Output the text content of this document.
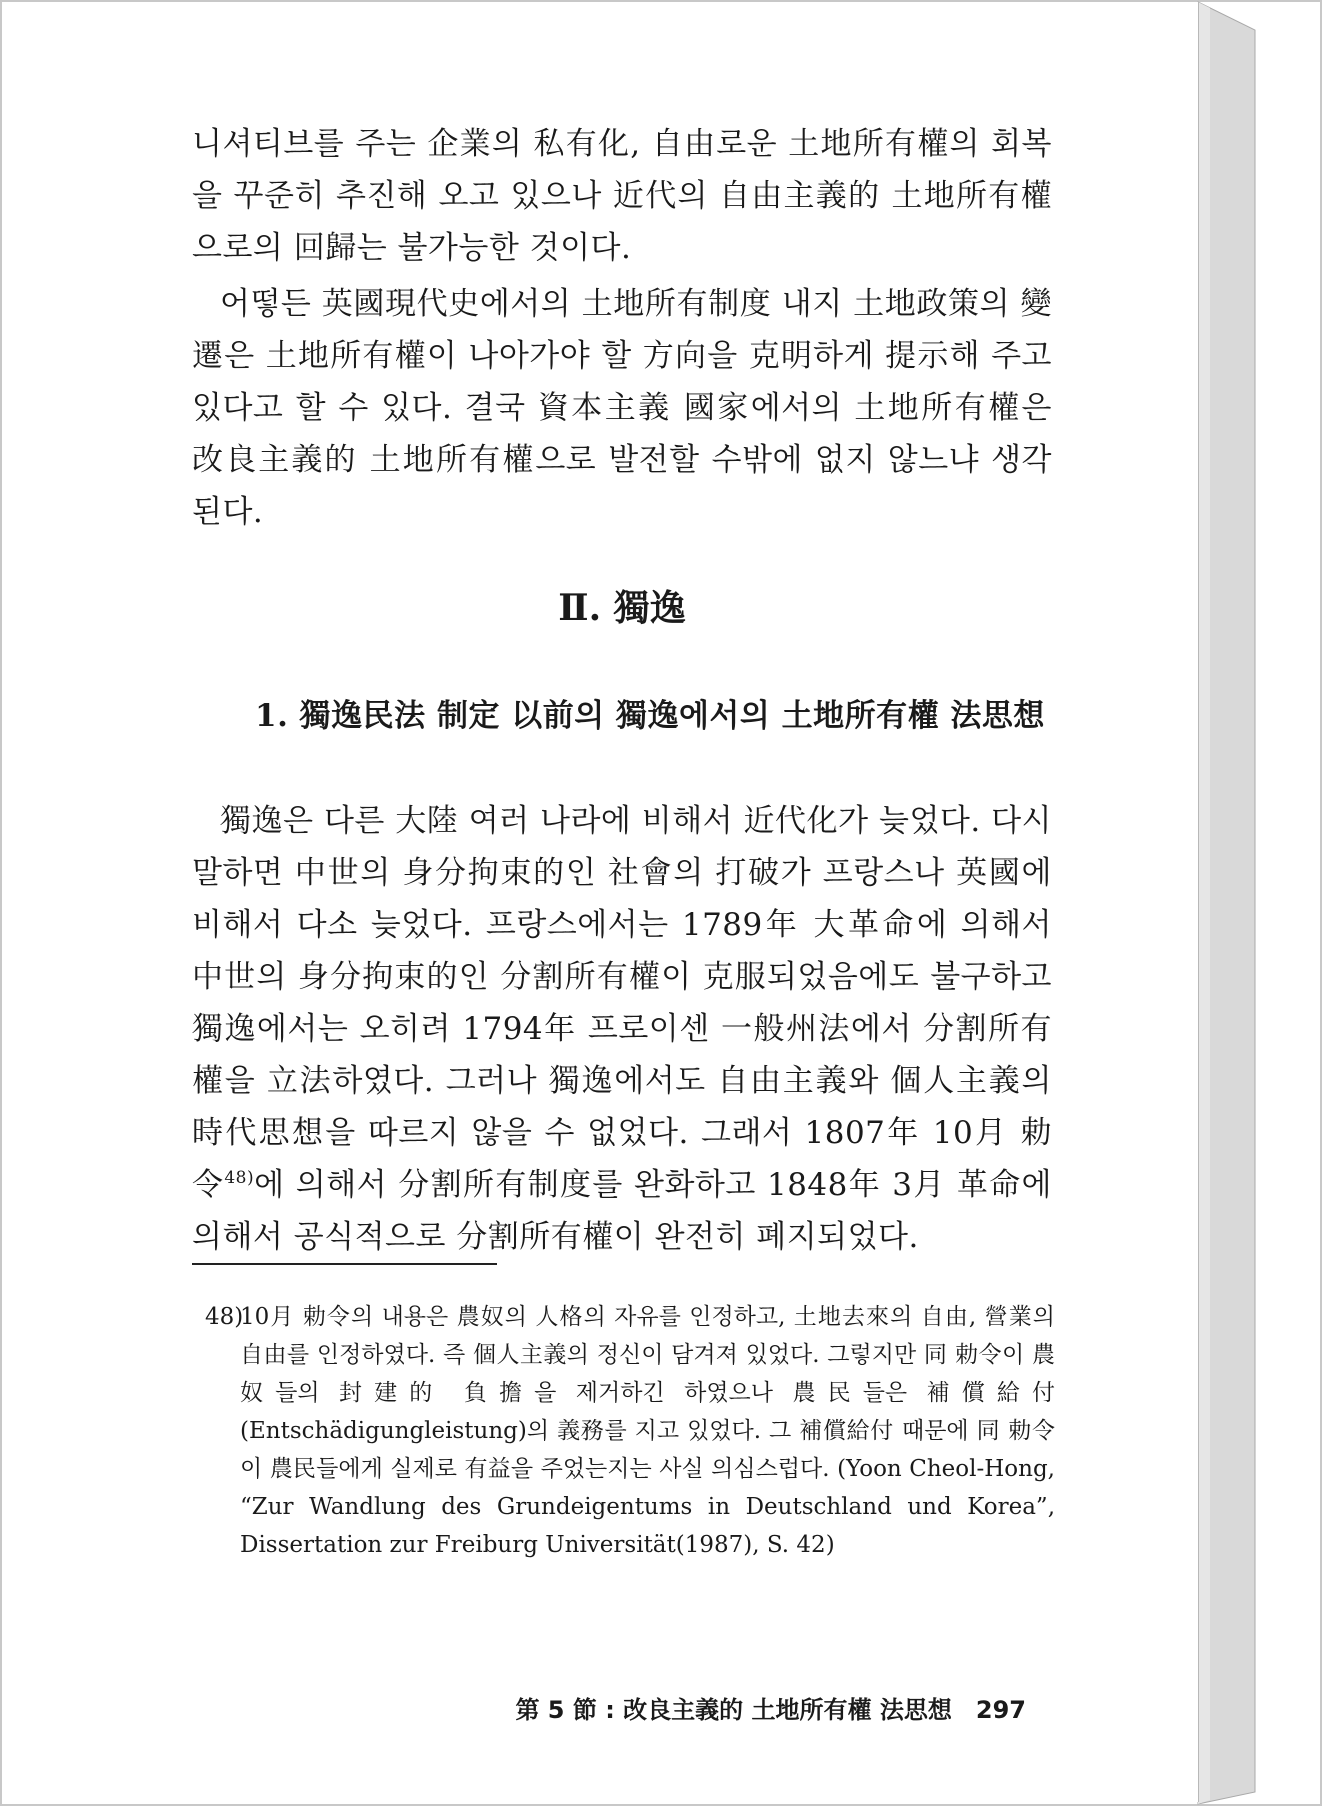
니셔티브를 주는 企業의 私有化, 自由로운 土地所有權의 회복을 꾸준히 추진해 오고 있으나 近代의 自由主義的 土地所有權으로의 回歸는 불가능한 것이다.

어떻든 英國現代史에서의 土地所有制度 내지 土地政策의 變遷은 土地所有權이 나아가야 할 方向을 克明하게 提示해 주고 있다고 할 수 있다. 결국 資本主義 國家에서의 土地所有權은 改良主義的 土地所有權으로 발전할 수밖에 없지 않느냐 생각된다.

Ⅱ. 獨逸
1. 獨逸民法 制定 以前의 獨逸에서의 土地所有權 法思想

獨逸은 다른 大陸 여러 나라에 비해서 近代化가 늦었다. 다시 말하면 中世의 身分拘束的인 社會의 打破가 프랑스나 英國에 비해서 다소 늦었다. 프랑스에서는 1789年 大革命에 의해서 中世의 身分拘束的인 分割所有權이 克服되었음에도 불구하고 獨逸에서는 오히려 1794年 프로이센 一般州法에서 分割所有權을 立法하였다. 그러나 獨逸에서도 自由主義와 個人主義의 時代思想을 따르지 않을 수 없었다. 그래서 1807年 10月 勅令$^{48)}$에 의해서 分割所有制度를 완화하고 1848年 3月 革命에 의해서 공식적으로 分割所有權이 완전히 폐지되었다.

48)
10月 勅令의 내용은 農奴의 人格의 자유를 인정하고, 土地去來의 自由, 營業의 自由를 인정하였다. 즉 個人主義의 정신이 담겨져 있었다. 그렇지만 同 勅令이 農奴들의 封建的 負擔을 제거하긴 하였으나 農民들은 補償給付(Entschädigungleistung)의 義務를 지고 있었다. 그 補償給付 때문에 同 勅令이 農民들에게 실제로 有益을 주었는지는 사실 의심스럽다. (Yoon Cheol-Hong, “Zur Wandlung des Grundeigentums in Deutschland und Korea”, Dissertation zur Freiburg Universität(1987), S. 42)
第 5 節 : 改良主義的 土地所有權 法思想 297
